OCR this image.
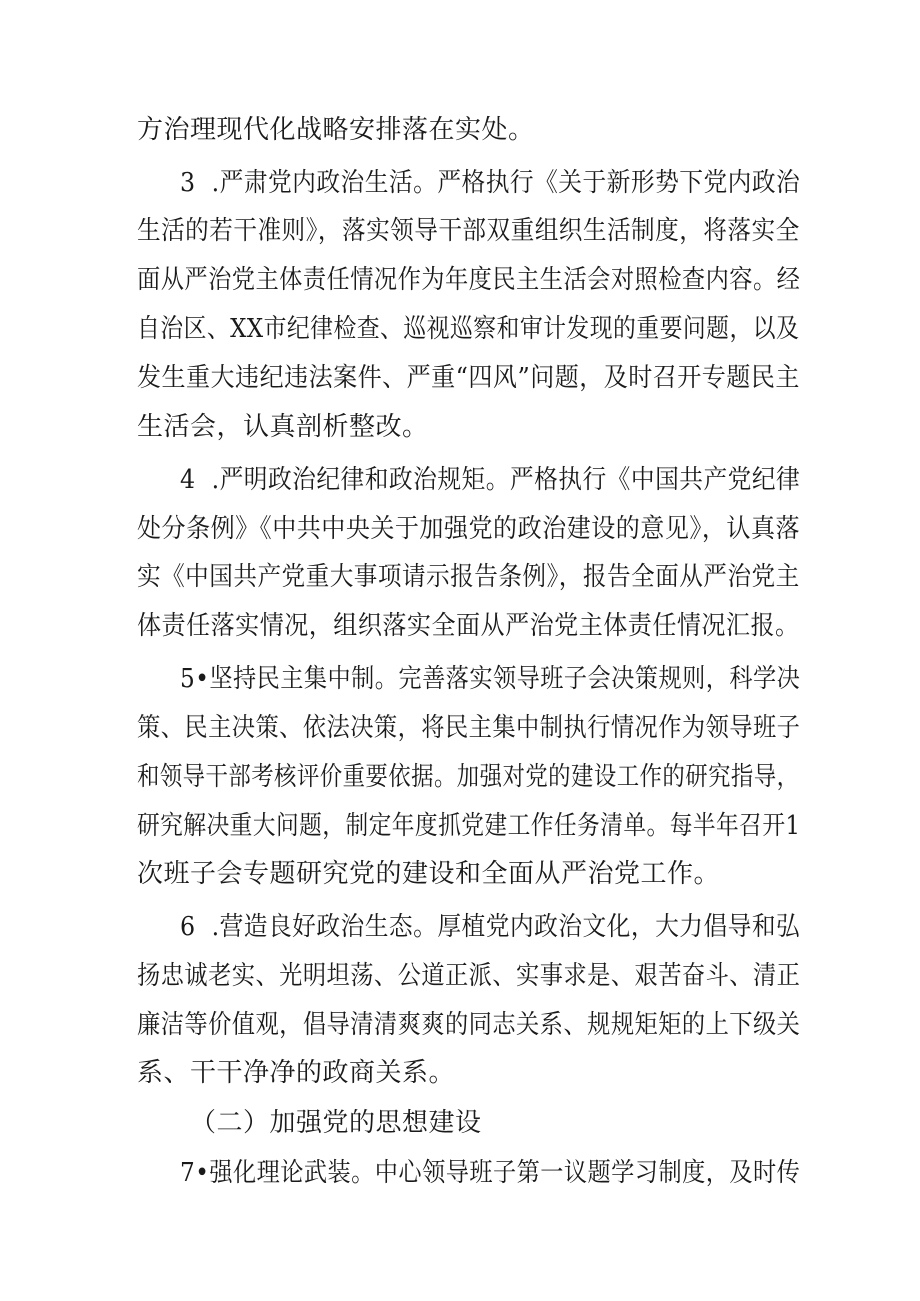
方治理现代化战略安排落在实处。
3  .严肃党内政治生活。严格执行《关于新形势下党内政治
生活的若干准则》，落实领导干部双重组织生活制度，将落实全
面从严治党主体责任情况作为年度民主生活会对照检查内容。经
自治区、XX市纪律检查、巡视巡察和审计发现的重要问题，以及
发生重大违纪违法案件、严重“四风”问题，及时召开专题民主
生活会，认真剖析整改。
4  .严明政治纪律和政治规矩。严格执行《中国共产党纪律
处分条例》《中共中央关于加强党的政治建设的意见》，认真落
实《中国共产党重大事项请示报告条例》，报告全面从严治党主
体责任落实情况，组织落实全面从严治党主体责任情况汇报。
5•坚持民主集中制。完善落实领导班子会决策规则，科学决
策、民主决策、依法决策，将民主集中制执行情况作为领导班子
和领导干部考核评价重要依据。加强对党的建设工作的研究指导，
研究解决重大问题，制定年度抓党建工作任务清单。每半年召开1
次班子会专题研究党的建设和全面从严治党工作。
6  .营造良好政治生态。厚植党内政治文化，大力倡导和弘
扬忠诚老实、光明坦荡、公道正派、实事求是、艰苦奋斗、清正
廉洁等价值观，倡导清清爽爽的同志关系、规规矩矩的上下级关
系、干干净净的政商关系。
（二）加强党的思想建设
7•强化理论武装。中心领导班子第一议题学习制度，及时传
